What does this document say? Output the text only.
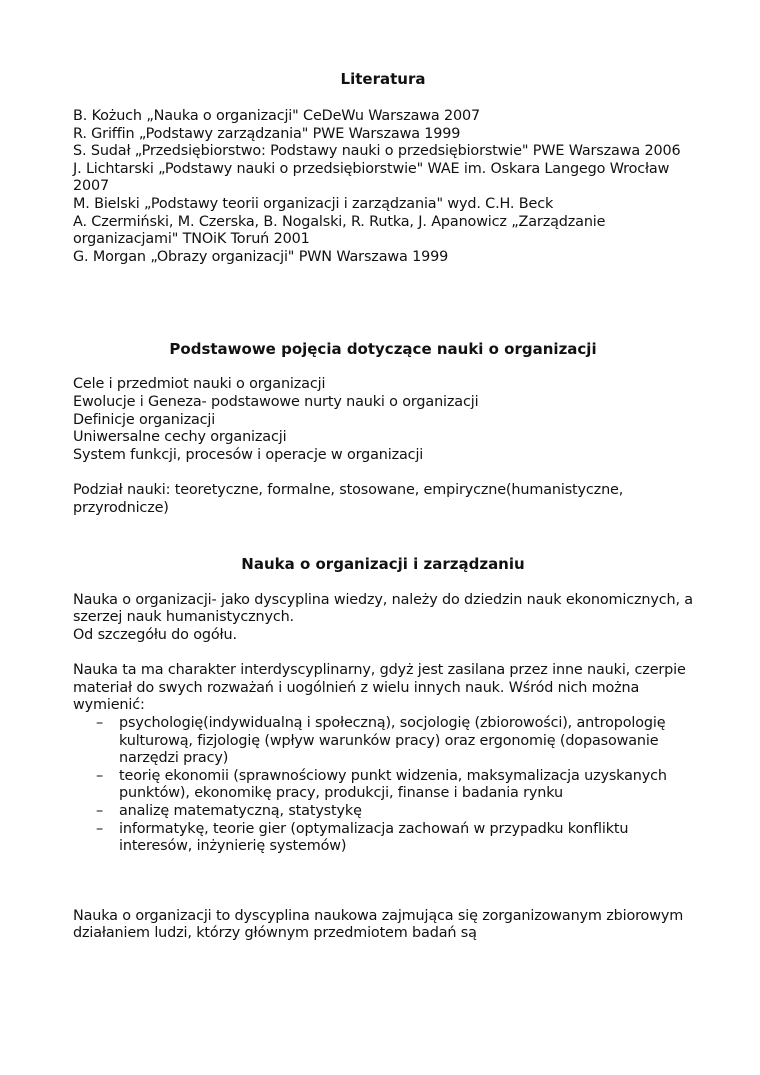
Literatura
B. Kożuch „Nauka o organizacji" CeDeWu Warszawa 2007
R. Griffin „Podstawy zarządzania" PWE Warszawa 1999
S. Sudał „Przedsiębiorstwo: Podstawy nauki o przedsiębiorstwie" PWE Warszawa 2006
J. Lichtarski „Podstawy nauki o przedsiębiorstwie" WAE im. Oskara Langego Wrocław 2007
M. Bielski „Podstawy teorii organizacji i zarządzania" wyd. C.H. Beck
A. Czermiński, M. Czerska, B. Nogalski, R. Rutka, J. Apanowicz „Zarządzanie organizacjami" TNOiK Toruń 2001
G. Morgan „Obrazy organizacji" PWN Warszawa 1999
Podstawowe pojęcia dotyczące nauki o organizacji
Cele i przedmiot nauki o organizacji
Ewolucje i Geneza- podstawowe nurty nauki o organizacji
Definicje organizacji
Uniwersalne cechy organizacji
System funkcji, procesów i operacje w organizacji

Podział nauki: teoretyczne, formalne, stosowane, empiryczne(humanistyczne, przyrodnicze)

Nauka o organizacji i zarządzaniu

Nauka o organizacji- jako dyscyplina wiedzy, należy do dziedzin nauk ekonomicznych, a szerzej nauk humanistycznych.

Od szczegółu do ogółu.

Nauka ta ma charakter interdyscyplinarny, gdyż jest zasilana przez inne nauki, czerpie materiał do swych rozważań i uogólnień z wielu innych nauk. Wśród nich można wymienić:

– psychologię(indywidualną i społeczną), socjologię (zbiorowości), antropologię kulturową, fizjologię (wpływ warunków pracy) oraz ergonomię (dopasowanie narzędzi pracy)
– teorię ekonomii (sprawnościowy punkt widzenia, maksymalizacja uzyskanych punktów), ekonomikę pracy, produkcji, finanse i badania rynku
– analizę matematyczną, statystykę
– informatykę, teorie gier (optymalizacja zachowań w przypadku konfliktu interesów, inżynierię systemów)

Nauka o organizacji to dyscyplina naukowa zajmująca się zorganizowanym zbiorowym działaniem ludzi, którzy głównym przedmiotem badań są
